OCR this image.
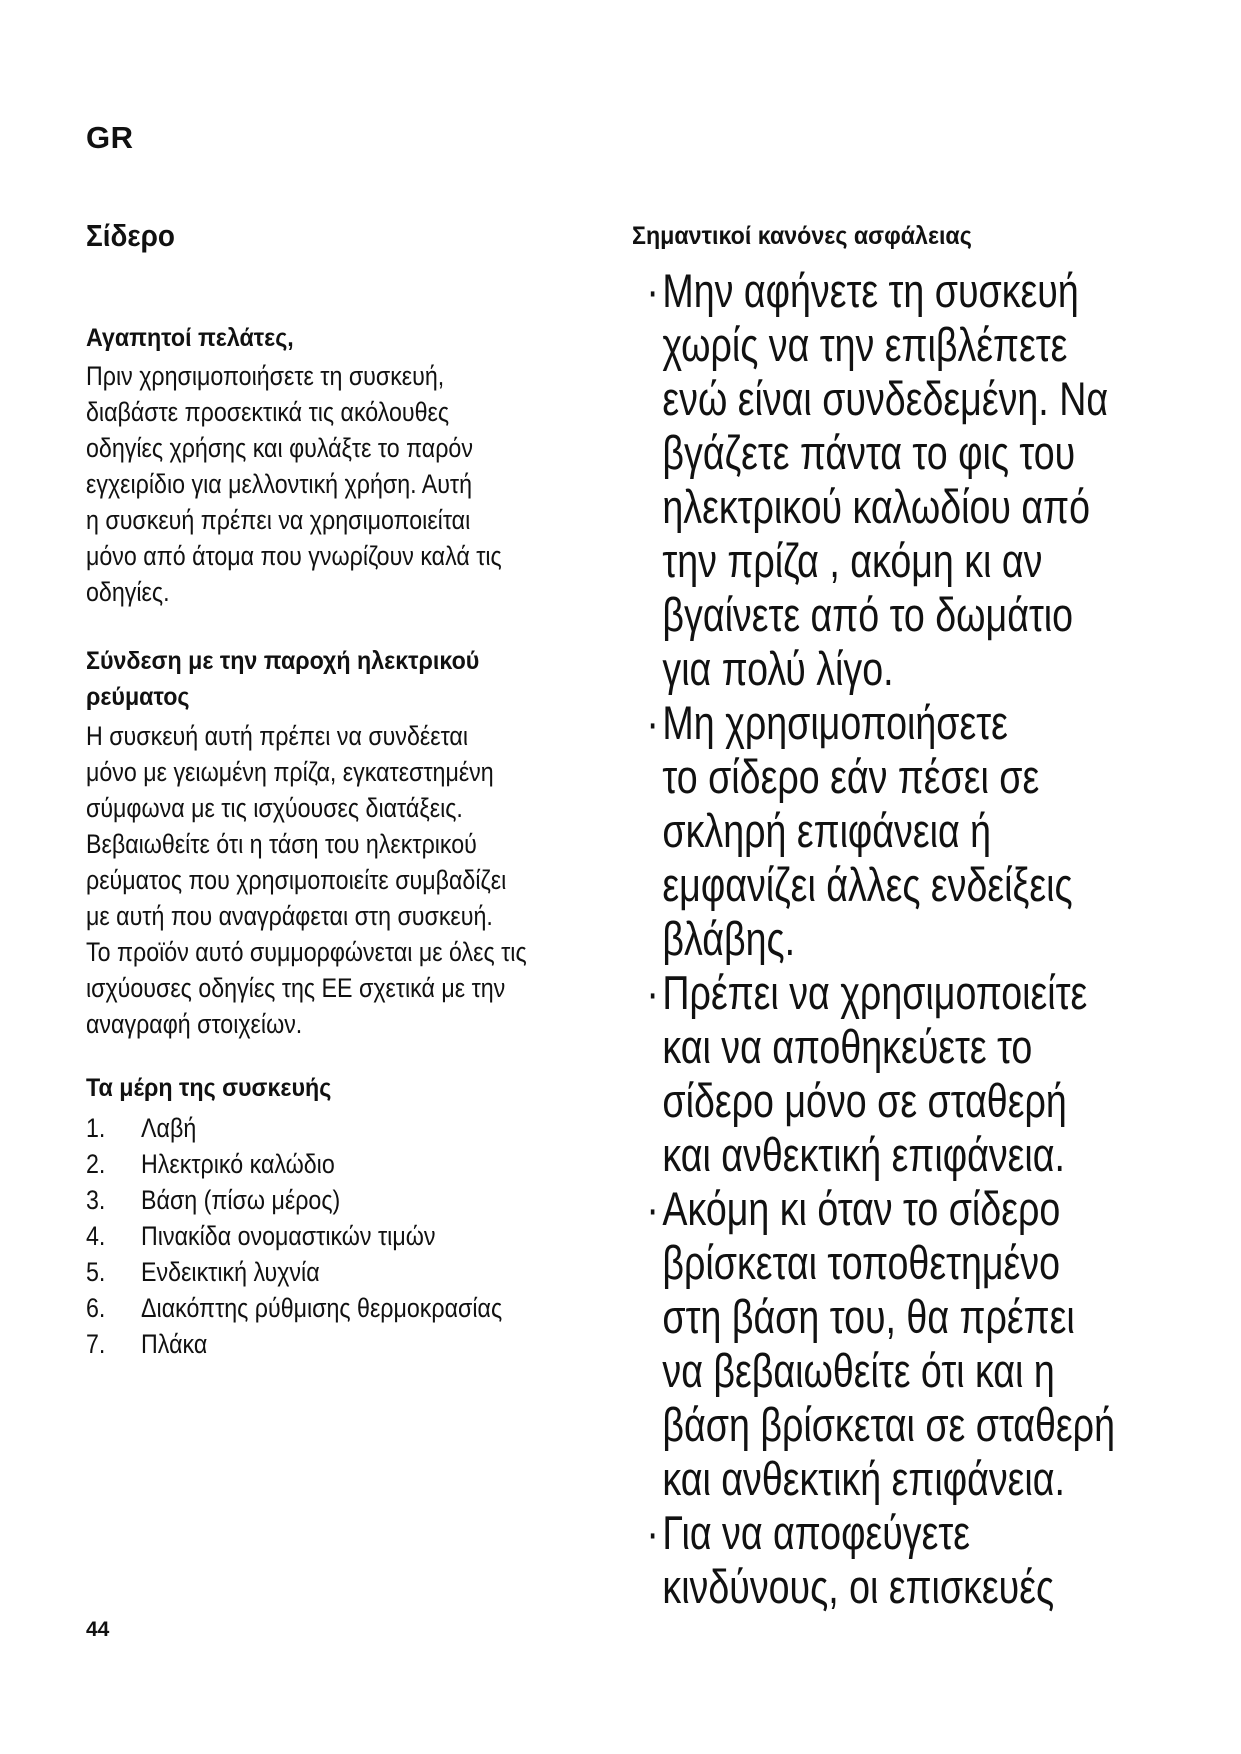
GR
Σίδερο
Αγαπητοί πελάτες,
Πριν χρησιμοποιήσετε τη συσκευή,
διαβάστε προσεκτικά τις ακόλουθες
οδηγίες χρήσης και φυλάξτε το παρόν
εγχειρίδιο για μελλοντική χρήση. Αυτή
η συσκευή πρέπει να χρησιμοποιείται
μόνο από άτομα που γνωρίζουν καλά τις
οδηγίες.
Σύνδεση με την παροχή ηλεκτρικού
ρεύματος
Η συσκευή αυτή πρέπει να συνδέεται
μόνο με γειωμένη πρίζα, εγκατεστημένη
σύμφωνα με τις ισχύουσες διατάξεις.
Βεβαιωθείτε ότι η τάση του ηλεκτρικού
ρεύματος που χρησιμοποιείτε συμβαδίζει
με αυτή που αναγράφεται στη συσκευή.
Το προϊόν αυτό συμμορφώνεται με όλες τις
ισχύουσες οδηγίες της ΕΕ σχετικά με την
αναγραφή στοιχείων.
Τα μέρη της συσκευής
1.	Λαβή
2.	Ηλεκτρικό καλώδιο
3.	Βάση (πίσω μέρος)
4.	Πινακίδα ονομαστικών τιμών
5.	Ενδεικτική λυχνία
6.	Διακόπτης ρύθμισης θερμοκρασίας
7.	Πλάκα
Σημαντικοί κανόνες ασφάλειας
· Μην αφήνετε τη συσκευή
χωρίς να την επιβλέπετε
ενώ είναι συνδεδεμένη. Να
βγάζετε πάντα το φις του
ηλεκτρικού καλωδίου από
την πρίζα , ακόμη κι αν
βγαίνετε από το δωμάτιο
για πολύ λίγο.
· Μη χρησιμοποιήσετε
το σίδερο εάν πέσει σε
σκληρή επιφάνεια ή
εμφανίζει άλλες ενδείξεις
βλάβης.
· Πρέπει να χρησιμοποιείτε
και να αποθηκεύετε το
σίδερο μόνο σε σταθερή
και ανθεκτική επιφάνεια.
· Ακόμη κι όταν το σίδερο
βρίσκεται τοποθετημένο
στη βάση του, θα πρέπει
να βεβαιωθείτε ότι και η
βάση βρίσκεται σε σταθερή
και ανθεκτική επιφάνεια.
· Για να αποφεύγετε
κινδύνους, οι επισκευές
44
